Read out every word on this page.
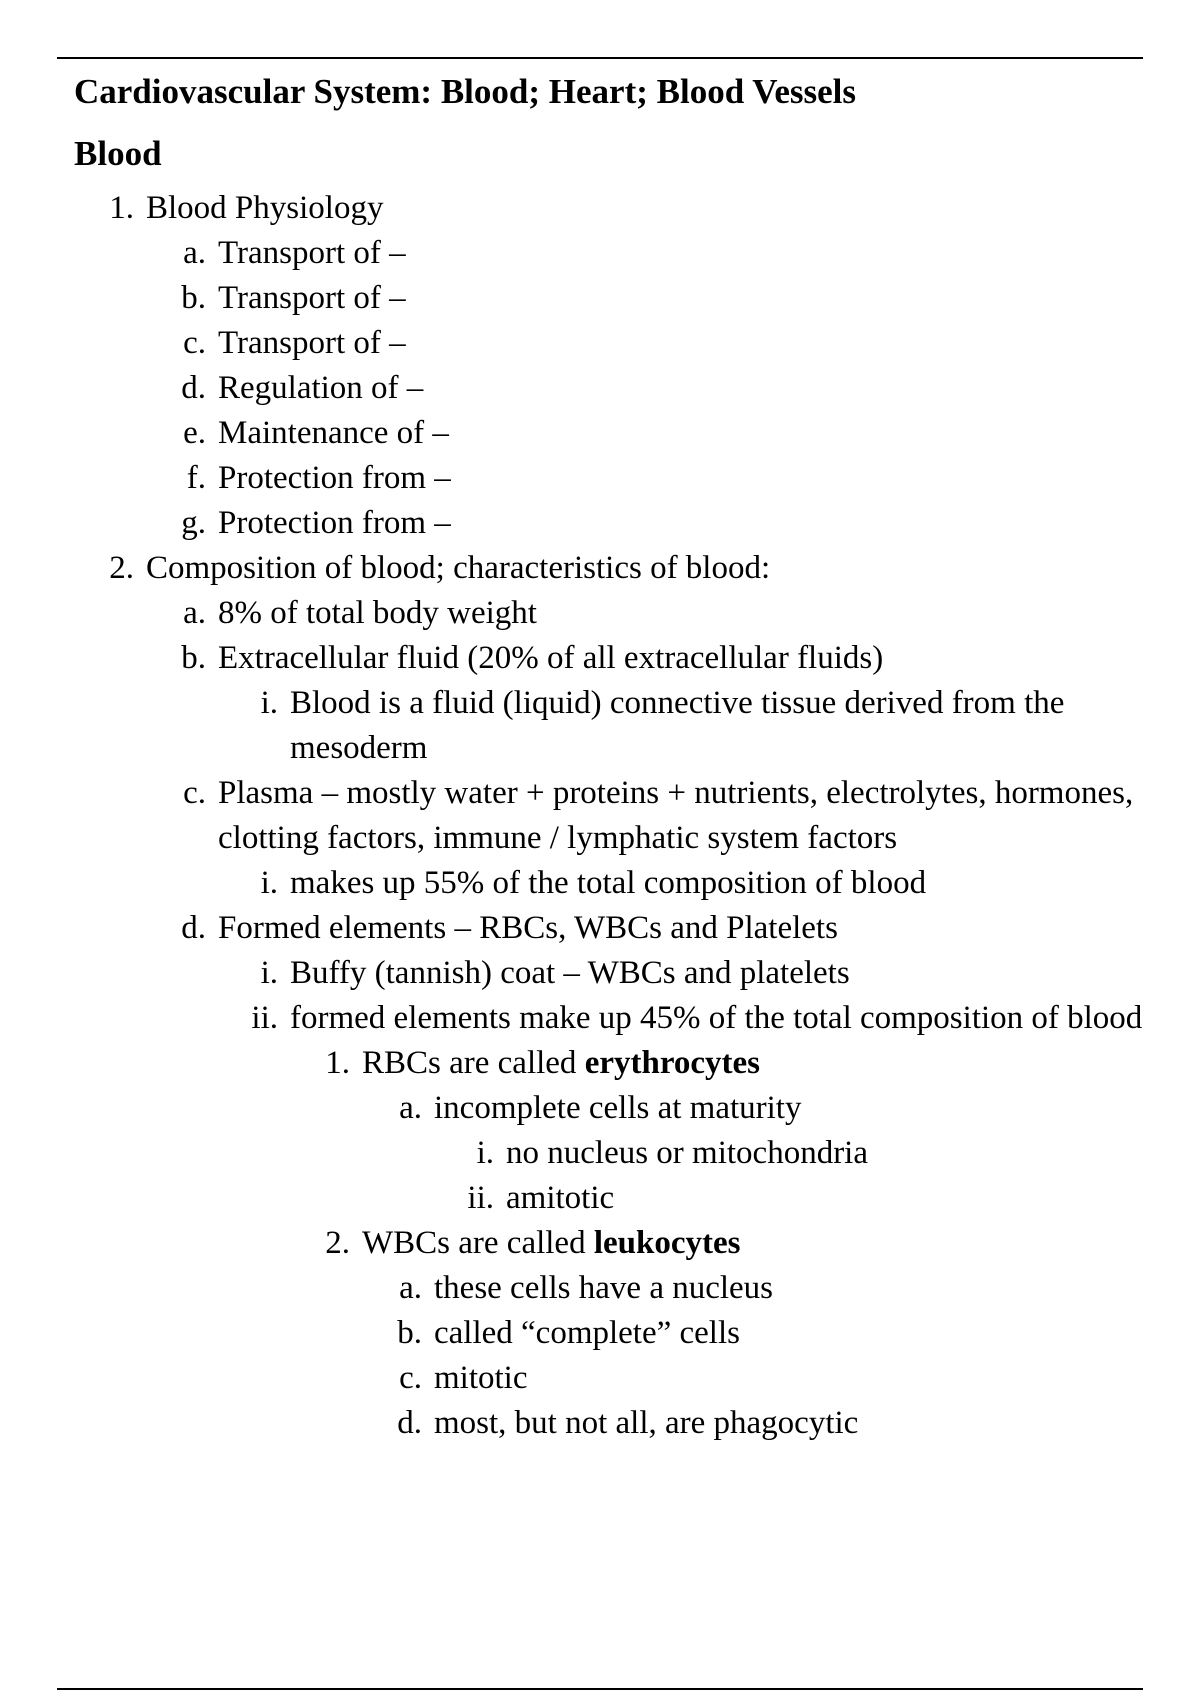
Cardiovascular System: Blood; Heart; Blood Vessels
Blood
1. Blood Physiology
a. Transport of –
b. Transport of –
c. Transport of –
d. Regulation of –
e. Maintenance of –
f. Protection from –
g. Protection from –
2. Composition of blood; characteristics of blood:
a. 8% of total body weight
b. Extracellular fluid (20% of all extracellular fluids)
i. Blood is a fluid (liquid) connective tissue derived from the mesoderm
c. Plasma – mostly water + proteins + nutrients, electrolytes, hormones, clotting factors, immune / lymphatic system factors
i. makes up 55% of the total composition of blood
d. Formed elements – RBCs, WBCs and Platelets
i. Buffy (tannish) coat – WBCs and platelets
ii. formed elements make up 45% of the total composition of blood
1. RBCs are called erythrocytes
a. incomplete cells at maturity
i. no nucleus or mitochondria
ii. amitotic
2. WBCs are called leukocytes
a. these cells have a nucleus
b. called “complete” cells
c. mitotic
d. most, but not all, are phagocytic
